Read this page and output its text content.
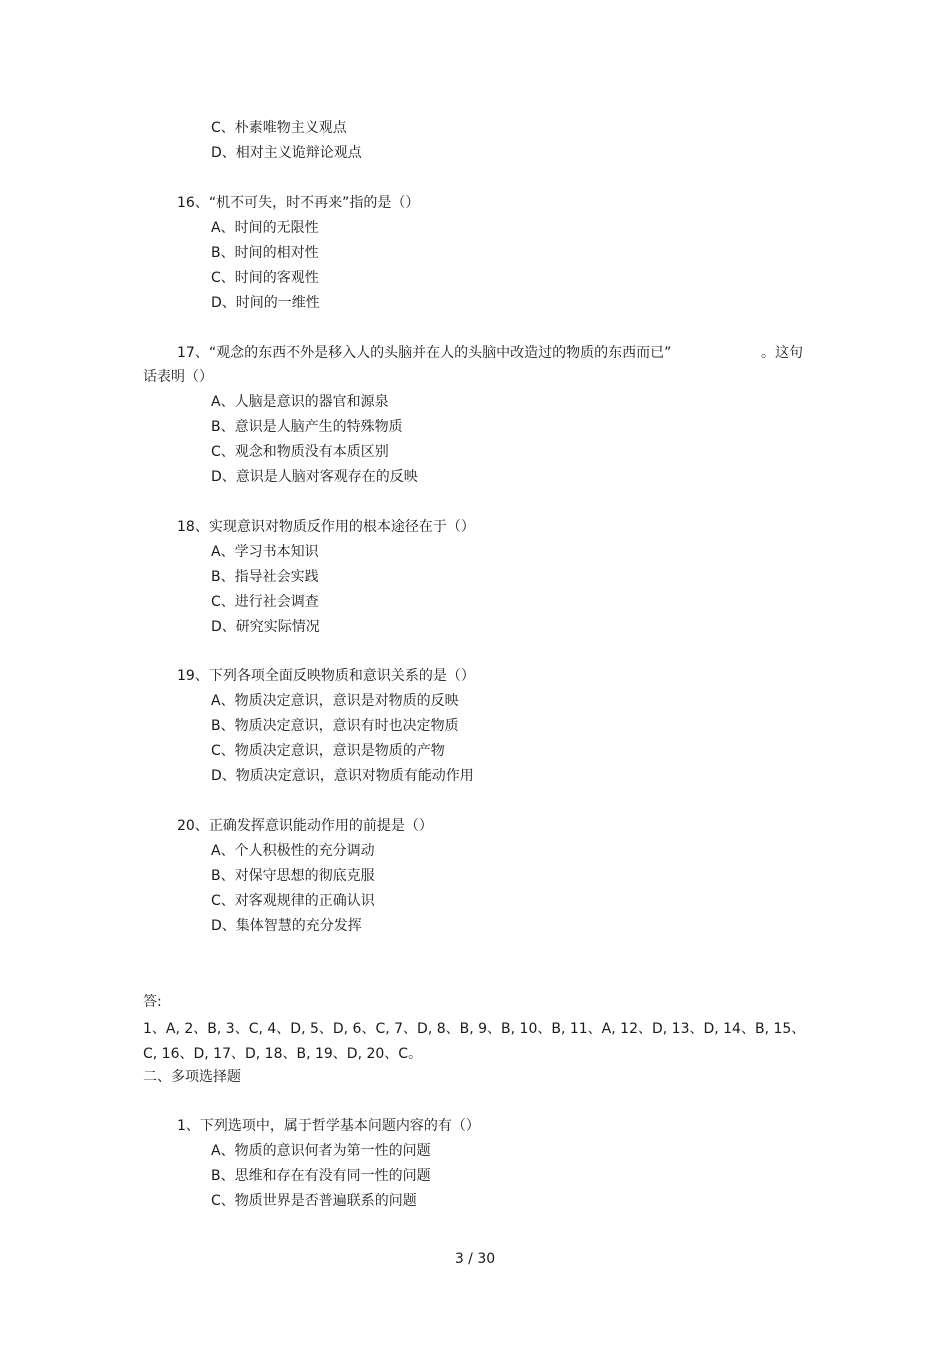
C、朴素唯物主义观点
D、相对主义诡辩论观点
16、“机不可失，时不再来”指的是（）
A、时间的无限性
B、时间的相对性
C、时间的客观性
D、时间的一维性
17、“观念的东西不外是移入人的头脑并在人的头脑中改造过的物质的东西而已”	。这句
话表明（）
A、人脑是意识的器官和源泉
B、意识是人脑产生的特殊物质
C、观念和物质没有本质区别
D、意识是人脑对客观存在的反映
18、实现意识对物质反作用的根本途径在于（）
A、学习书本知识
B、指导社会实践
C、进行社会调查
D、研究实际情况
19、下列各项全面反映物质和意识关系的是（）
A、物质决定意识，意识是对物质的反映
B、物质决定意识，意识有时也决定物质
C、物质决定意识，意识是物质的产物
D、物质决定意识，意识对物质有能动作用
20、正确发挥意识能动作用的前提是（）
A、个人积极性的充分调动
B、对保守思想的彻底克服
C、对客观规律的正确认识
D、集体智慧的充分发挥
答:
1、A, 2、B, 3、C, 4、D, 5、D, 6、C, 7、D, 8、B, 9、B, 10、B, 11、A, 12、D, 13、D, 14、B, 15、
C, 16、D, 17、D, 18、B, 19、D, 20、C。
二、多项选择题
1、下列选项中，属于哲学基本问题内容的有（）
A、物质的意识何者为第一性的问题
B、思维和存在有没有同一性的问题
C、物质世界是否普遍联系的问题
3 / 30
